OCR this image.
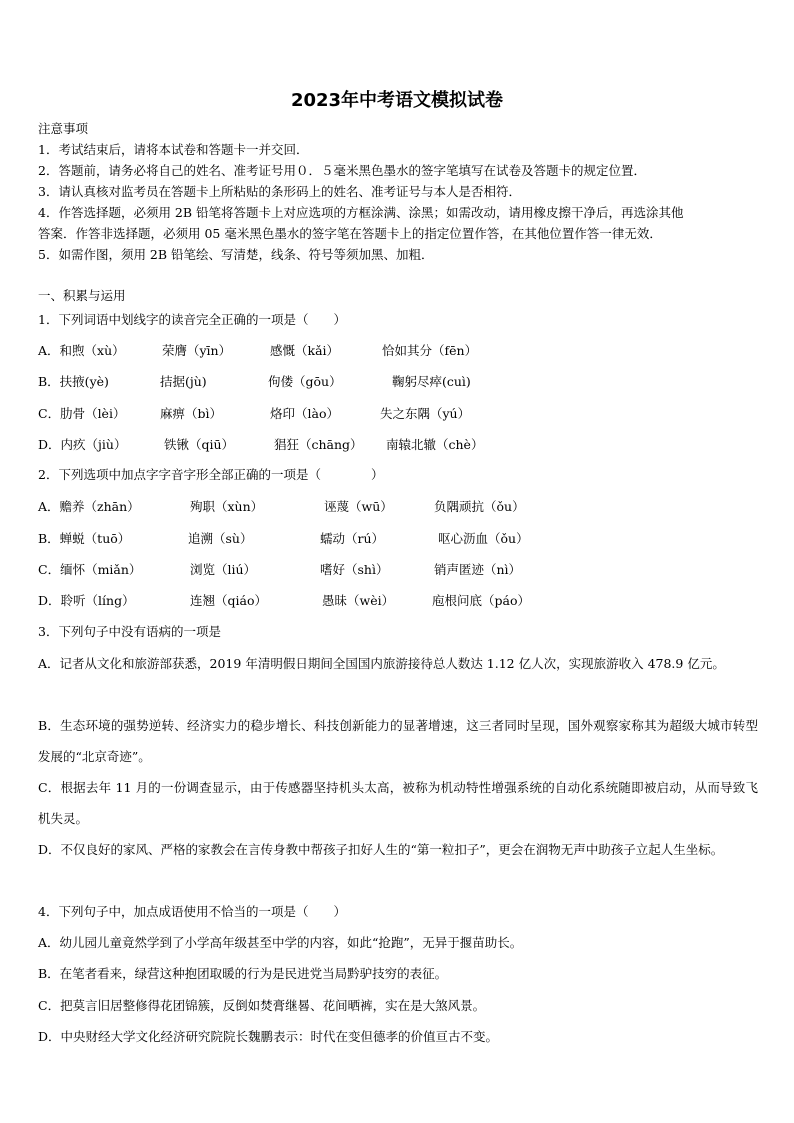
2023年中考语文模拟试卷
注意事项
1．考试结束后，请将本试卷和答题卡一并交回．
2．答题前，请务必将自己的姓名、准考证号用０．５毫米黑色墨水的签字笔填写在试卷及答题卡的规定位置．
3．请认真核对监考员在答题卡上所粘贴的条形码上的姓名、准考证号与本人是否相符．
4．作答选择题，必须用 2B 铅笔将答题卡上对应选项的方框涂满、涂黑；如需改动，请用橡皮擦干净后，再选涂其他
答案．作答非选择题，必须用 05 毫米黑色墨水的签字笔在答题卡上的指定位置作答，在其他位置作答一律无效．
5．如需作图，须用 2B 铅笔绘、写清楚，线条、符号等须加黑、加粗．
一、积累与运用
1．下列词语中划线字的读音完全正确的一项是（　　）
A．和煦（xù）	荣膺（yīn）	感慨（kǎi）	恰如其分（fēn）
B．扶掖(yè)	拮据(jù)	佝偻（gōu）	鞠躬尽瘁(cuì)
C．肋骨（lèi）	麻痹（bì）	烙印（lào）	失之东隅（yú）
D．内疚（jiù）	铁锹（qiū）	猖狂（chāng） 南辕北辙（chè）
2．下列选项中加点字字音字形全部正确的一项是（　　　　）
A．赡养（zhān）	殉职（xùn）	诬蔑（wū）	负隅顽抗（ǒu）
B．蝉蜕（tuō）	追溯（sù）	蠕动（rú）	呕心沥血（ǒu）
C．缅怀（miǎn）	浏览（liú）	嗜好（shì）	销声匿迹（nì）
D．聆听（líng）	连翘（qiáo）	愚昧（wèi）	庖根问底（páo）
3．下列句子中没有语病的一项是
A．记者从文化和旅游部获悉，2019 年清明假日期间全国国内旅游接待总人数达 1.12 亿人次，实现旅游收入 478.9 亿元。
B．生态环境的强势逆转、经济实力的稳步增长、科技创新能力的显著增速，这三者同时呈现，国外观察家称其为超级大城市转型发展的“北京奇迹”。
C．根据去年 11 月的一份调查显示，由于传感器坚持机头太高，被称为机动特性增强系统的自动化系统随即被启动，从而导致飞机失灵。
D．不仅良好的家风、严格的家教会在言传身教中帮孩子扣好人生的“第一粒扣子”，更会在润物无声中助孩子立起人生坐标。
4．下列句子中，加点成语使用不恰当的一项是（　　）
A．幼儿园儿童竟然学到了小学高年级甚至中学的内容，如此“抢跑”，无异于揠苗助长。
B．在笔者看来，绿营这种抱团取暖的行为是民进党当局黔驴技穷的表征。
C．把莫言旧居整修得花团锦簇，反倒如焚膏继晷、花间晒裤，实在是大煞风景。
D．中央财经大学文化经济研究院院长魏鹏表示：时代在变但德孝的价值亘古不变。
